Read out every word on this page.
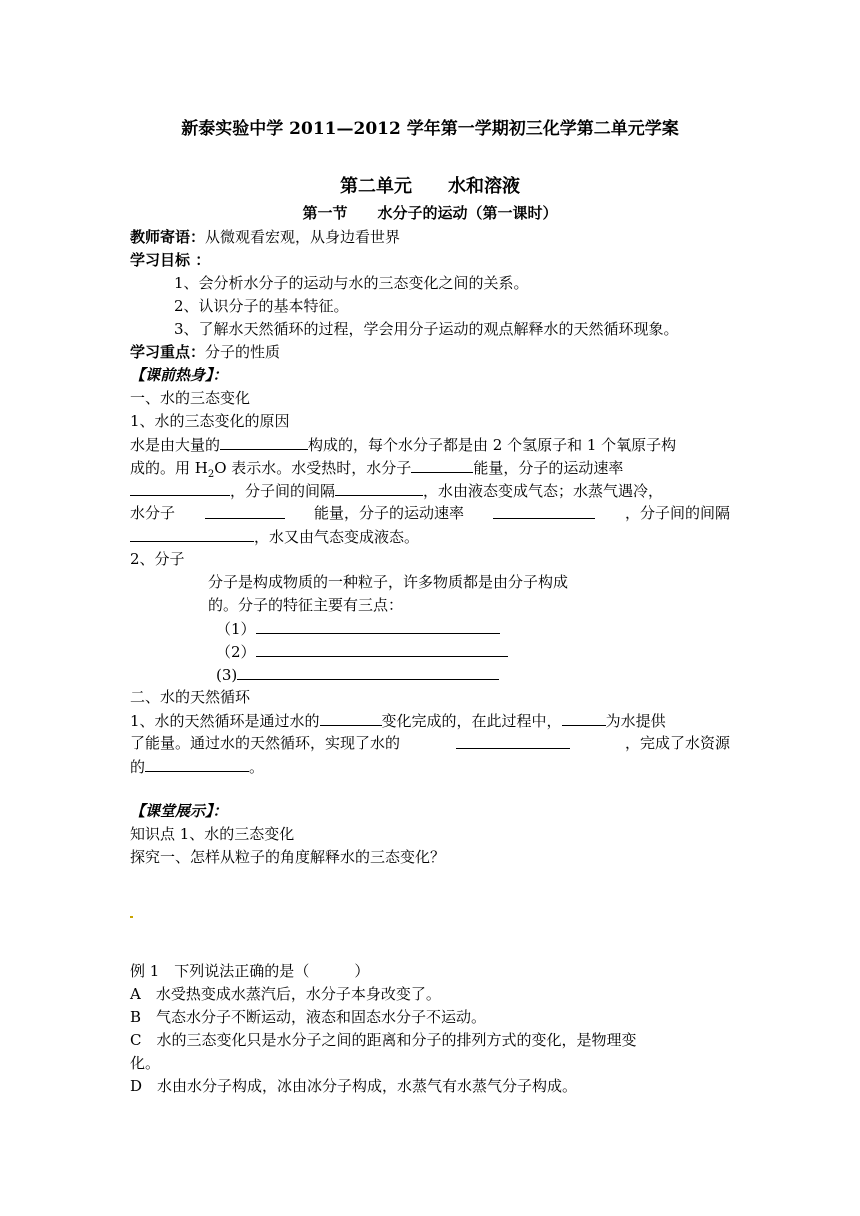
新泰实验中学 2011—2012 学年第一学期初三化学第二单元学案
第二单元　　水和溶液
第一节　　水分子的运动（第一课时）
教师寄语：从微观看宏观，从身边看世界
学习目标 ：
1、会分析水分子的运动与水的三态变化之间的关系。
2、认识分子的基本特征。
3、了解水天然循环的过程，学会用分子运动的观点解释水的天然循环现象。
学习重点：分子的性质
【课前热身】：
一、水的三态变化
1、水的三态变化的原因
水是由大量的	构成的，每个水分子都是由 2 个氢原子和 1 个氧原子构
成的。用 $H_2O$ 表示水。水受热时，水分子	能量，分子的运动速率
，分子间的间隔	，水由液态变成气态；水蒸气遇冷，
水分子	能量，分子的运动速率	，分子间的间隔
，水又由气态变成液态。
2、分子
分子是构成物质的一种粒子，许多物质都是由分子构成
的。分子的特征主要有三点：
（1）
（2）
(3)
二、水的天然循环
1、水的天然循环是通过水的	变化完成的，在此过程中，	为水提供
了能量。通过水的天然循环，实现了水的	，完成了水资源
的	。
【课堂展示】：
知识点 1、水的三态变化
探究一、怎样从粒子的角度解释水的三态变化？
例 1　下列说法正确的是（　　　）
A　水受热变成水蒸汽后，水分子本身改变了。
B　气态水分子不断运动，液态和固态水分子不运动。
C　水的三态变化只是水分子之间的距离和分子的排列方式的变化，是物理变
化。
D　水由水分子构成，冰由冰分子构成，水蒸气有水蒸气分子构成。
